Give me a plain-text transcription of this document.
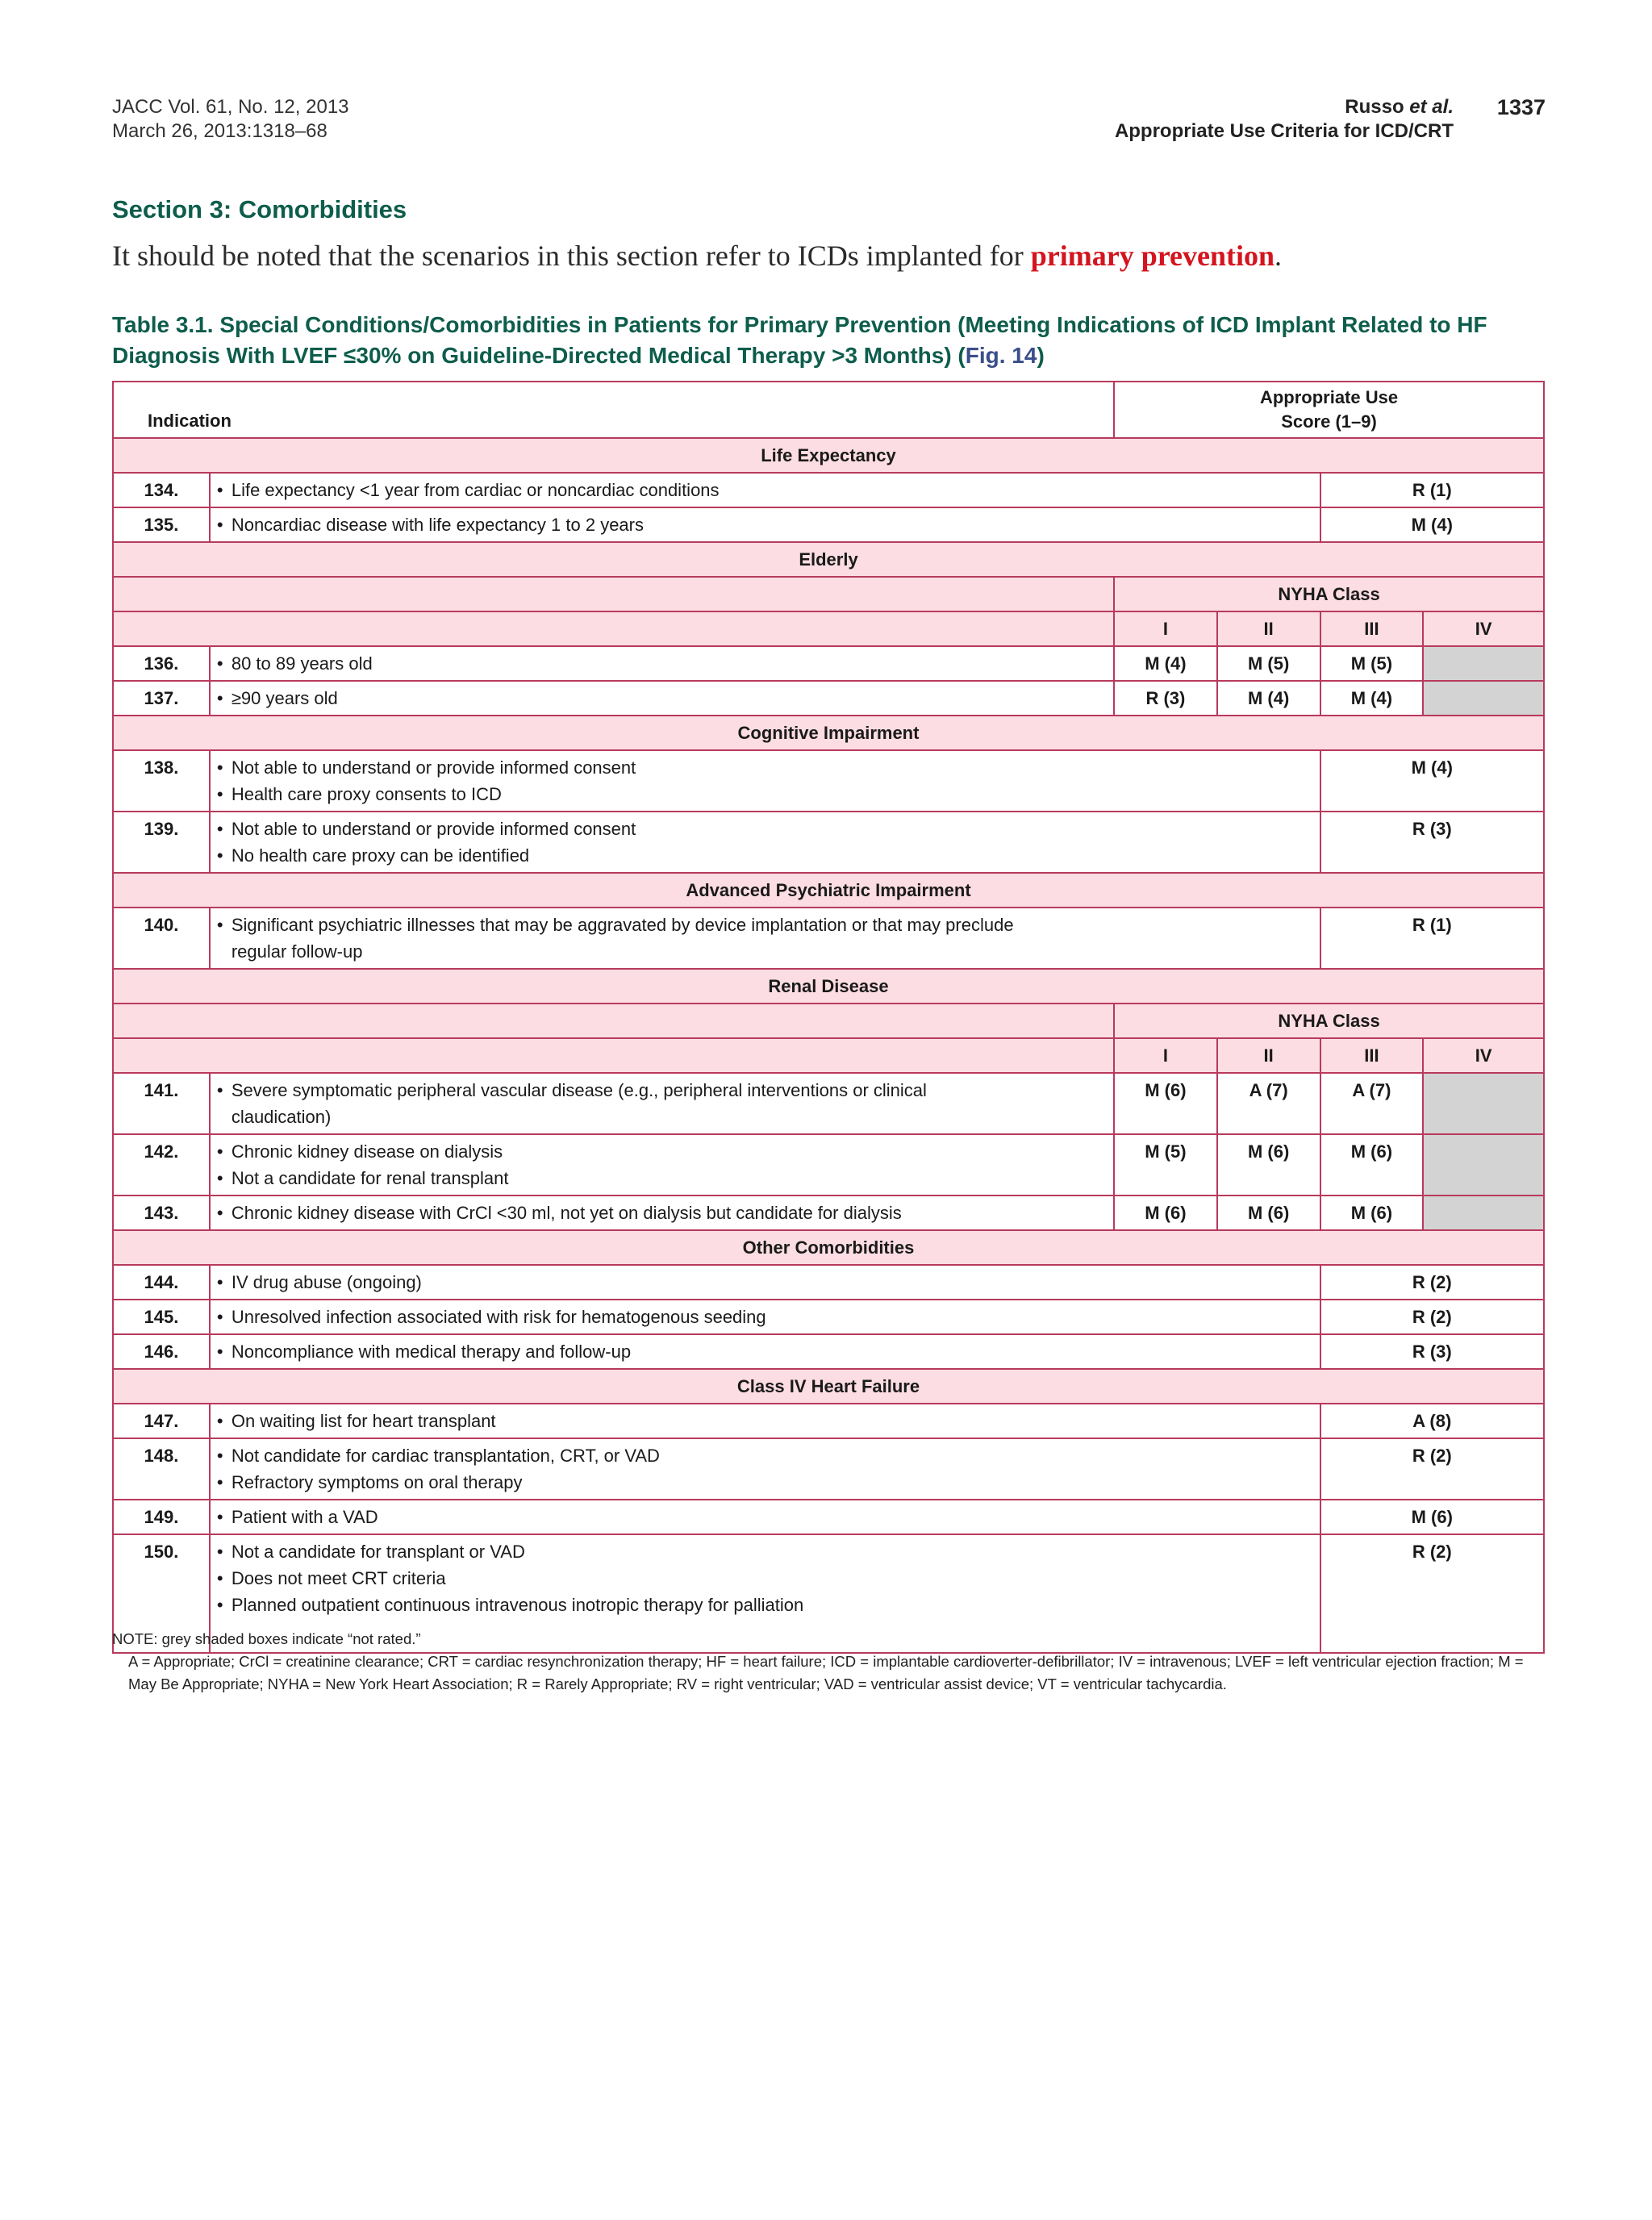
JACC Vol. 61, No. 12, 2013
March 26, 2013:1318–68
Russo et al.
Appropriate Use Criteria for ICD/CRT
1337
Section 3: Comorbidities
It should be noted that the scenarios in this section refer to ICDs implanted for primary prevention.
Table 3.1. Special Conditions/Comorbidities in Patients for Primary Prevention (Meeting Indications of ICD Implant Related to HF Diagnosis With LVEF ≤30% on Guideline-Directed Medical Therapy >3 Months) (Fig. 14)
Indication		Appropriate Use
Score (1–9)			

Life Expectancy					
134.	• Life expectancy <1 year from cardiac or noncardiac conditions			R (1)	
135.	• Noncardiac disease with life expectancy 1 to 2 years			M (4)	
Elderly					
		NYHA Class			
		I	II	III	IV
136.	• 80 to 89 years old	M (4)	M (5)	M (5)	
137.	• ≥90 years old	R (3)	M (4)	M (4)	
Cognitive Impairment					
138.	• Not able to understand or provide informed consent
• Health care proxy consents to ICD			M (4)	
139.	• Not able to understand or provide informed consent
• No health care proxy can be identified			R (3)	
Advanced Psychiatric Impairment					
140.	• Significant psychiatric illnesses that may be aggravated by device implantation or that may preclude regular follow-up			R (1)	
Renal Disease					
		NYHA Class			
		I	II	III	IV
141.	• Severe symptomatic peripheral vascular disease (e.g., peripheral interventions or clinical claudication)	M (6)	A (7)	A (7)	
142.	• Chronic kidney disease on dialysis
• Not a candidate for renal transplant	M (5)	M (6)	M (6)	
143.	• Chronic kidney disease with CrCl <30 ml, not yet on dialysis but candidate for dialysis	M (6)	M (6)	M (6)	
Other Comorbidities					
144.	• IV drug abuse (ongoing)			R (2)	
145.	• Unresolved infection associated with risk for hematogenous seeding			R (2)	
146.	• Noncompliance with medical therapy and follow-up			R (3)	
Class IV Heart Failure					
147.	• On waiting list for heart transplant			A (8)	
148.	• Not candidate for cardiac transplantation, CRT, or VAD
• Refractory symptoms on oral therapy			R (2)	
149.	• Patient with a VAD			M (6)	
150.	• Not a candidate for transplant or VAD
• Does not meet CRT criteria
• Planned outpatient continuous intravenous inotropic therapy for palliation			R (2)	
NOTE: grey shaded boxes indicate “not rated.”
A = Appropriate; CrCl = creatinine clearance; CRT = cardiac resynchronization therapy; HF = heart failure; ICD = implantable cardioverter-defibrillator; IV = intravenous; LVEF = left ventricular ejection fraction; M = May Be Appropriate; NYHA = New York Heart Association; R = Rarely Appropriate; RV = right ventricular; VAD = ventricular assist device; VT = ventricular tachycardia.
